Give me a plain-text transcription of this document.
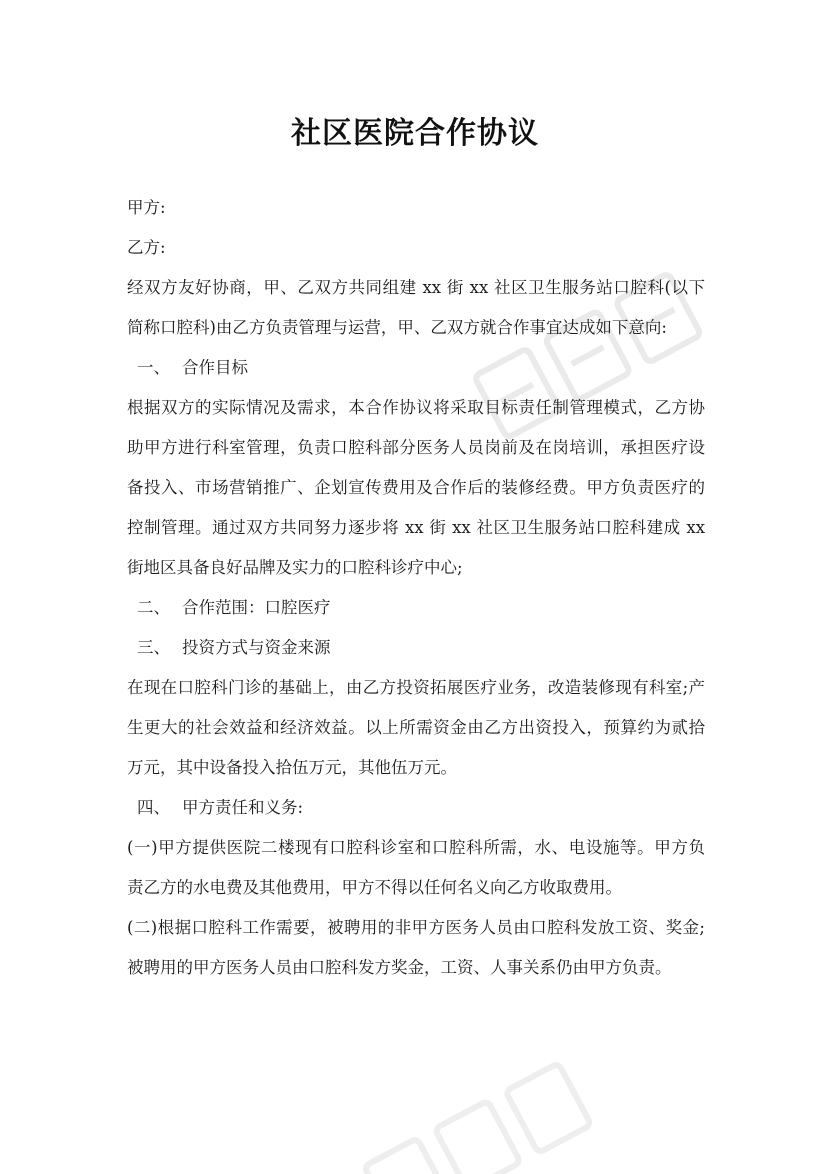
社区医院合作协议

甲方:

乙方:

经双方友好协商，甲、乙双方共同组建 xx 街 xx 社区卫生服务站口腔科(以下

简称口腔科)由乙方负责管理与运营，甲、乙双方就合作事宜达成如下意向:

一、 合作目标

根据双方的实际情况及需求，本合作协议将采取目标责任制管理模式，乙方协

助甲方进行科室管理，负责口腔科部分医务人员岗前及在岗培训，承担医疗设

备投入、市场营销推广、企划宣传费用及合作后的装修经费。甲方负责医疗的

控制管理。通过双方共同努力逐步将 xx 街 xx 社区卫生服务站口腔科建成 xx

街地区具备良好品牌及实力的口腔科诊疗中心;

二、 合作范围：口腔医疗

三、 投资方式与资金来源

在现在口腔科门诊的基础上，由乙方投资拓展医疗业务，改造装修现有科室;产

生更大的社会效益和经济效益。以上所需资金由乙方出资投入，预算约为贰拾

万元，其中设备投入拾伍万元，其他伍万元。

四、 甲方责任和义务:

(一)甲方提供医院二楼现有口腔科诊室和口腔科所需，水、电设施等。甲方负

责乙方的水电费及其他费用，甲方不得以任何名义向乙方收取费用。

(二)根据口腔科工作需要，被聘用的非甲方医务人员由口腔科发放工资、奖金;

被聘用的甲方医务人员由口腔科发方奖金，工资、人事关系仍由甲方负责。
